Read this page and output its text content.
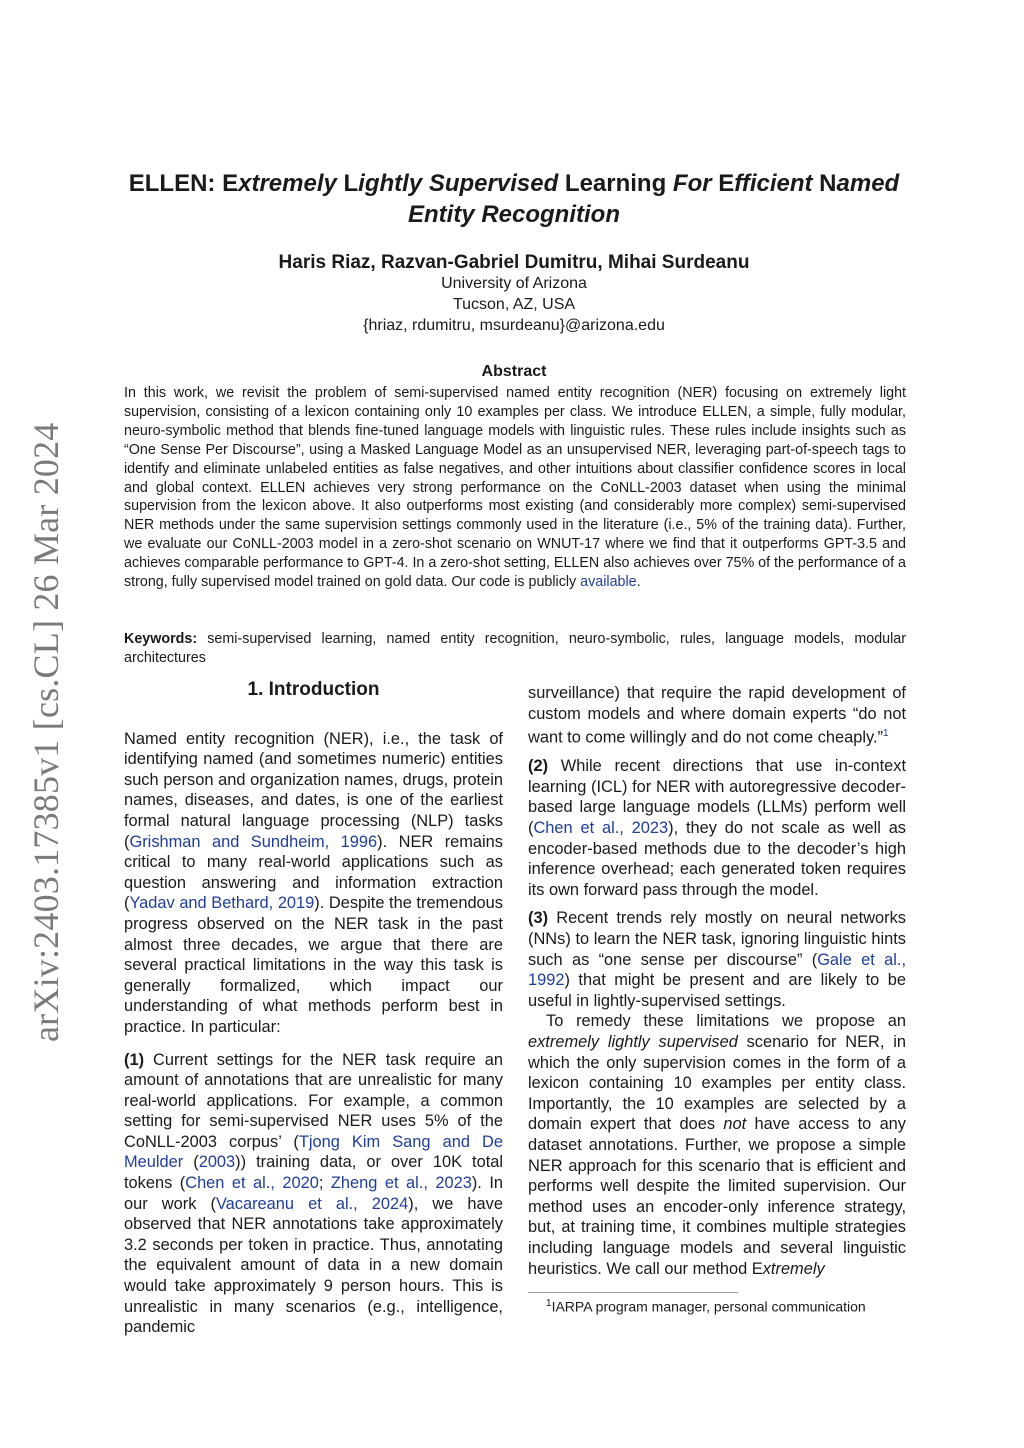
arXiv:2403.17385v1 [cs.CL] 26 Mar 2024
ELLEN: Extremely Lightly Supervised Learning For Efficient Named
Entity Recognition
Haris Riaz, Razvan-Gabriel Dumitru, Mihai Surdeanu
University of Arizona
Tucson, AZ, USA
{hriaz, rdumitru, msurdeanu}@arizona.edu
Abstract

In this work, we revisit the problem of semi-supervised named entity recognition (NER) focusing on extremely light supervision, consisting of a lexicon containing only 10 examples per class. We introduce ELLEN, a simple, fully modular, neuro-symbolic method that blends fine-tuned language models with linguistic rules. These rules include insights such as “One Sense Per Discourse”, using a Masked Language Model as an unsupervised NER, leveraging part-of-speech tags to identify and eliminate unlabeled entities as false negatives, and other intuitions about classifier confidence scores in local and global context. ELLEN achieves very strong performance on the CoNLL-2003 dataset when using the minimal supervision from the lexicon above. It also outperforms most existing (and considerably more complex) semi-supervised NER methods under the same supervision settings commonly used in the literature (i.e., 5% of the training data). Further, we evaluate our CoNLL-2003 model in a zero-shot scenario on WNUT-17 where we find that it outperforms GPT-3.5 and achieves comparable performance to GPT-4. In a zero-shot setting, ELLEN also achieves over 75% of the performance of a strong, fully supervised model trained on gold data. Our code is publicly available.

Keywords: semi-supervised learning, named entity recognition, neuro-symbolic, rules, language models, modular architectures

1. Introduction

Named entity recognition (NER), i.e., the task of identifying named (and sometimes numeric) entities such person and organization names, drugs, protein names, diseases, and dates, is one of the earliest formal natural language processing (NLP) tasks (Grishman and Sundheim, 1996). NER remains critical to many real-world applications such as question answering and information extraction (Yadav and Bethard, 2019). Despite the tremendous progress observed on the NER task in the past almost three decades, we argue that there are several practical limitations in the way this task is generally formalized, which impact our understanding of what methods perform best in practice. In particular:

(1) Current settings for the NER task require an amount of annotations that are unrealistic for many real-world applications. For example, a common setting for semi-supervised NER uses 5% of the CoNLL-2003 corpus’ (Tjong Kim Sang and De Meulder (2003)) training data, or over 10K total tokens (Chen et al., 2020; Zheng et al., 2023). In our work (Vacareanu et al., 2024), we have observed that NER annotations take approximately 3.2 seconds per token in practice. Thus, annotating the equivalent amount of data in a new domain would take approximately 9 person hours. This is unrealistic in many scenarios (e.g., intelligence, pandemic

surveillance) that require the rapid development of custom models and where domain experts “do not want to come willingly and do not come cheaply.”$^1$

(2) While recent directions that use in-context learning (ICL) for NER with autoregressive decoder-based large language models (LLMs) perform well (Chen et al., 2023), they do not scale as well as encoder-based methods due to the decoder’s high inference overhead; each generated token requires its own forward pass through the model.

(3) Recent trends rely mostly on neural networks (NNs) to learn the NER task, ignoring linguistic hints such as “one sense per discourse” (Gale et al., 1992) that might be present and are likely to be useful in lightly-supervised settings.

To remedy these limitations we propose an extremely lightly supervised scenario for NER, in which the only supervision comes in the form of a lexicon containing 10 examples per entity class. Importantly, the 10 examples are selected by a domain expert that does not have access to any dataset annotations. Further, we propose a simple NER approach for this scenario that is efficient and performs well despite the limited supervision. Our method uses an encoder-only inference strategy, but, at training time, it combines multiple strategies including language models and several linguistic heuristics. We call our method Extremely

$^1$IARPA program manager, personal communication
